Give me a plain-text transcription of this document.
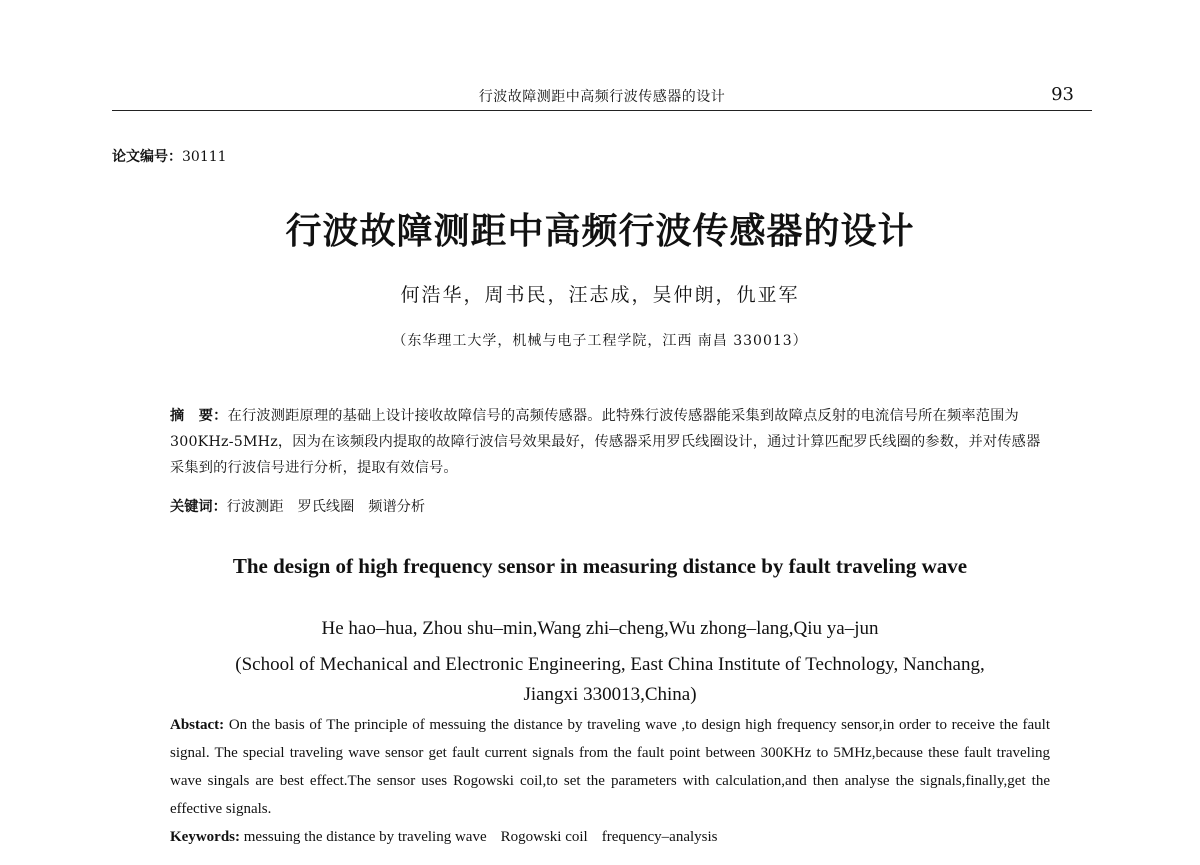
行波故障测距中高频行波传感器的设计	93
论文编号：30111
行波故障测距中高频行波传感器的设计
何浩华，周书民，汪志成，吴仲朗，仇亚军
（东华理工大学，机械与电子工程学院，江西 南昌 330013）
摘　要：在行波测距原理的基础上设计接收故障信号的高频传感器。此特殊行波传感器能采集到故障点反射的电流信号所在频率范围为300KHz-5MHz，因为在该频段内提取的故障行波信号效果最好，传感器采用罗氏线圈设计，通过计算匹配罗氏线圈的参数，并对传感器采集到的行波信号进行分析，提取有效信号。
关键词：行波测距 罗氏线圈 频谱分析
The design of high frequency sensor in measuring distance by fault traveling wave
He hao–hua, Zhou shu–min,Wang zhi–cheng,Wu zhong–lang,Qiu ya–jun
(School of Mechanical and Electronic Engineering, East China Institute of Technology, Nanchang,
Jiangxi 330013,China)
Abstact: On the basis of The principle of messuing the distance by traveling wave ,to design high frequency sensor,in order to receive the fault signal. The special traveling wave sensor get fault current signals from the fault point between 300KHz to 5MHz,because these fault traveling wave singals are best effect.The sensor uses Rogowski coil,to set the parameters with calculation,and then analyse the signals,finally,get the effective signals.
Keywords: messuing the distance by traveling wave Rogowski coil frequency–analysis
